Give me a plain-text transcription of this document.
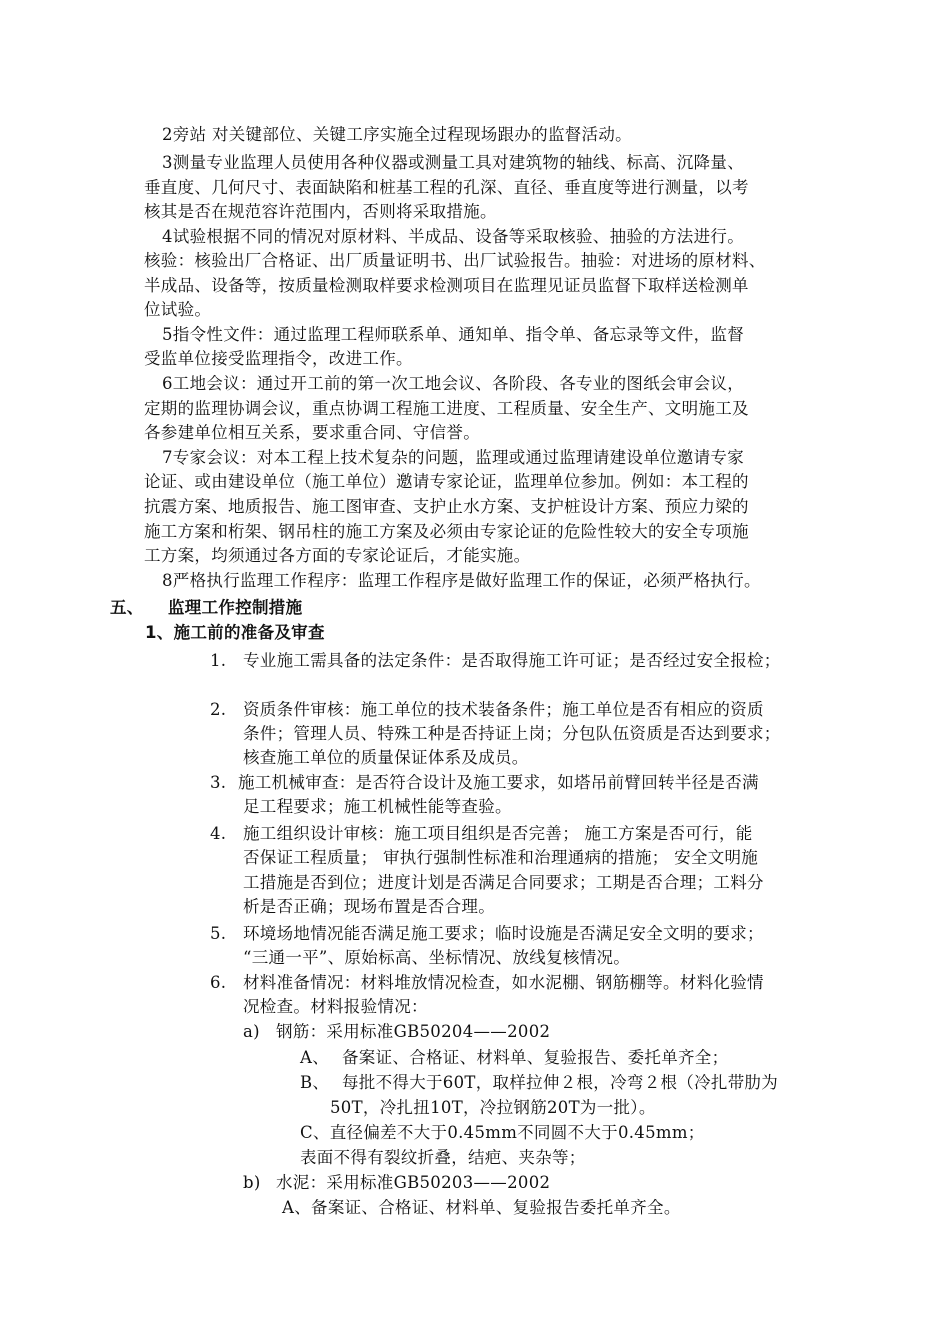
2旁站 对关键部位、关键工序实施全过程现场跟办的监督活动。
3测量专业监理人员使用各种仪器或测量工具对建筑物的轴线、标高、沉降量、
垂直度、几何尺寸、表面缺陷和桩基工程的孔深、直径、垂直度等进行测量，以考
核其是否在规范容许范围内，否则将采取措施。
4试验根据不同的情况对原材料、半成品、设备等采取核验、抽验的方法进行。
核验：核验出厂合格证、出厂质量证明书、出厂试验报告。抽验：对进场的原材料、
半成品、设备等，按质量检测取样要求检测项目在监理见证员监督下取样送检测单
位试验。
5指令性文件：通过监理工程师联系单、通知单、指令单、备忘录等文件，监督
受监单位接受监理指令，改进工作。
6工地会议：通过开工前的第一次工地会议、各阶段、各专业的图纸会审会议，
定期的监理协调会议，重点协调工程施工进度、工程质量、安全生产、文明施工及
各参建单位相互关系，要求重合同、守信誉。
7专家会议：对本工程上技术复杂的问题，监理或通过监理请建设单位邀请专家
论证、或由建设单位（施工单位）邀请专家论证，监理单位参加。例如：本工程的
抗震方案、地质报告、施工图审查、支护止水方案、支护桩设计方案、预应力梁的
施工方案和桁架、钢吊柱的施工方案及必须由专家论证的危险性较大的安全专项施
工方案，均须通过各方面的专家论证后，才能实施。
8严格执行监理工作程序：监理工作程序是做好监理工作的保证，必须严格执行。
五、 监理工作控制措施
1、施工前的准备及审查
1. 专业施工需具备的法定条件：是否取得施工许可证；是否经过安全报检；
2. 资质条件审核：施工单位的技术装备条件；施工单位是否有相应的资质
条件；管理人员、特殊工种是否持证上岗；分包队伍资质是否达到要求；
核查施工单位的质量保证体系及成员。
3. 施工机械审查：是否符合设计及施工要求，如塔吊前臂回转半径是否满
足工程要求；施工机械性能等查验。
4. 施工组织设计审核：施工项目组织是否完善； 施工方案是否可行，能
否保证工程质量； 审执行强制性标准和治理通病的措施； 安全文明施
工措施是否到位；进度计划是否满足合同要求；工期是否合理；工料分
析是否正确；现场布置是否合理。
5. 环境场地情况能否满足施工要求；临时设施是否满足安全文明的要求；
“三通一平”、原始标高、坐标情况、放线复核情况。
6. 材料准备情况：材料堆放情况检查，如水泥棚、钢筋棚等。材料化验情
况检查。材料报验情况：
a) 钢筋：采用标准GB50204——2002
A、 备案证、合格证、材料单、复验报告、委托单齐全；
B、 每批不得大于60T，取样拉伸２根，冷弯２根（冷扎带肋为
50T，冷扎扭10T，冷拉钢筋20T为一批）。
C、直径偏差不大于0.45mm不同圆不大于0.45mm；
表面不得有裂纹折叠，结疤、夹杂等；
b) 水泥：采用标准GB50203——2002
A、备案证、合格证、材料单、复验报告委托单齐全。
